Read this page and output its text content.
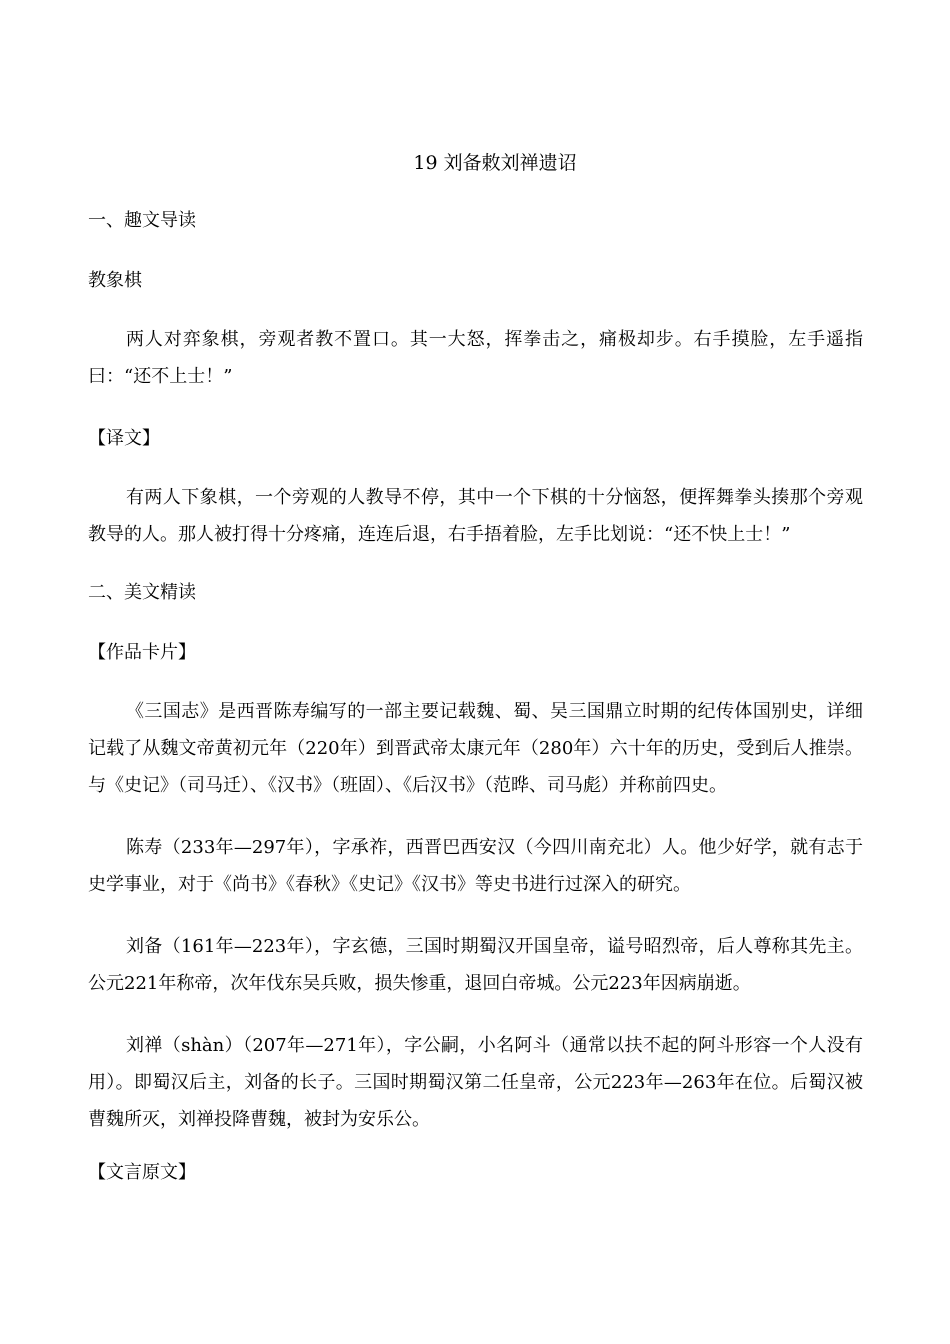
19 刘备敕刘禅遗诏
一、趣文导读
教象棋
两人对弈象棋，旁观者教不置口。其一大怒，挥拳击之，痛极却步。右手摸脸，左手遥指曰：“还不上士！”
【译文】
有两人下象棋，一个旁观的人教导不停，其中一个下棋的十分恼怒，便挥舞拳头揍那个旁观教导的人。那人被打得十分疼痛，连连后退，右手捂着脸，左手比划说：“还不快上士！”
二、美文精读
【作品卡片】
《三国志》是西晋陈寿编写的一部主要记载魏、蜀、吴三国鼎立时期的纪传体国别史，详细记载了从魏文帝黄初元年（220年）到晋武帝太康元年（280年）六十年的历史，受到后人推崇。与《史记》（司马迁）、《汉书》（班固）、《后汉书》（范晔、司马彪）并称前四史。
陈寿（233年—297年），字承祚，西晋巴西安汉（今四川南充北）人。他少好学，就有志于史学事业，对于《尚书》《春秋》《史记》《汉书》等史书进行过深入的研究。
刘备（161年—223年），字玄德，三国时期蜀汉开国皇帝，谥号昭烈帝，后人尊称其先主。公元221年称帝，次年伐东吴兵败，损失惨重，退回白帝城。公元223年因病崩逝。
刘禅（shàn）（207年—271年），字公嗣，小名阿斗（通常以扶不起的阿斗形容一个人没有用）。即蜀汉后主，刘备的长子。三国时期蜀汉第二任皇帝，公元223年—263年在位。后蜀汉被曹魏所灭，刘禅投降曹魏，被封为安乐公。
【文言原文】
